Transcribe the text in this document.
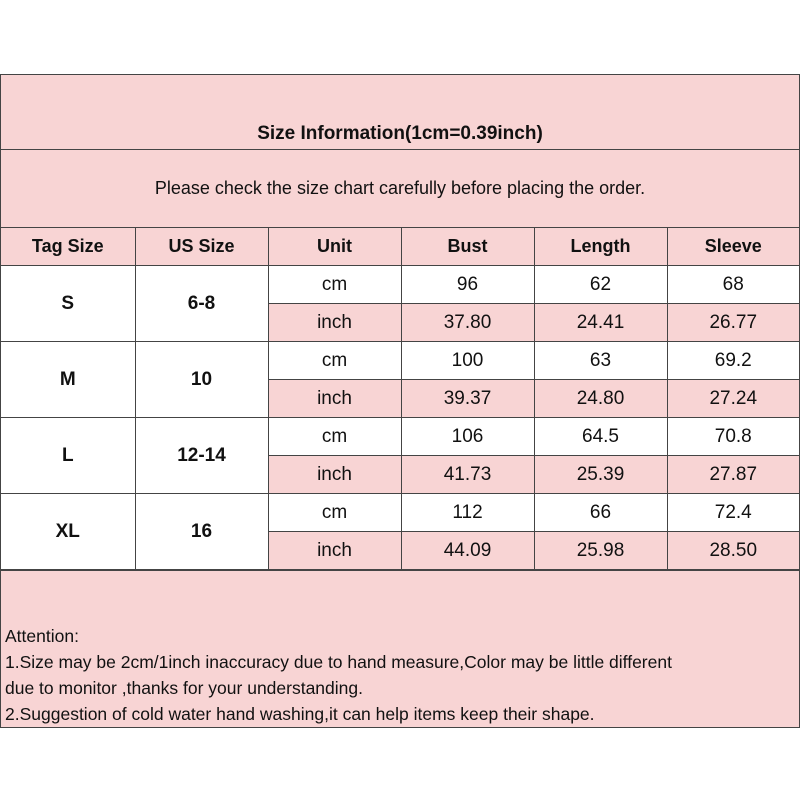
Size Information(1cm=0.39inch)
Please check the size chart carefully before placing the order.
Tag Size	US Size	Unit	Bust	Length	Sleeve
S	6-8	cm	96	62	68
		inch	37.80	24.41	26.77
M	10	cm	100	63	69.2
		inch	39.37	24.80	27.24
L	12-14	cm	106	64.5	70.8
		inch	41.73	25.39	27.87
XL	16	cm	112	66	72.4
		inch	44.09	25.98	28.50
Attention:
1.Size may be 2cm/1inch inaccuracy due to hand measure,Color may be little different
due to monitor ,thanks for your understanding.
2.Suggestion of cold water hand washing,it can help items keep their shape.
